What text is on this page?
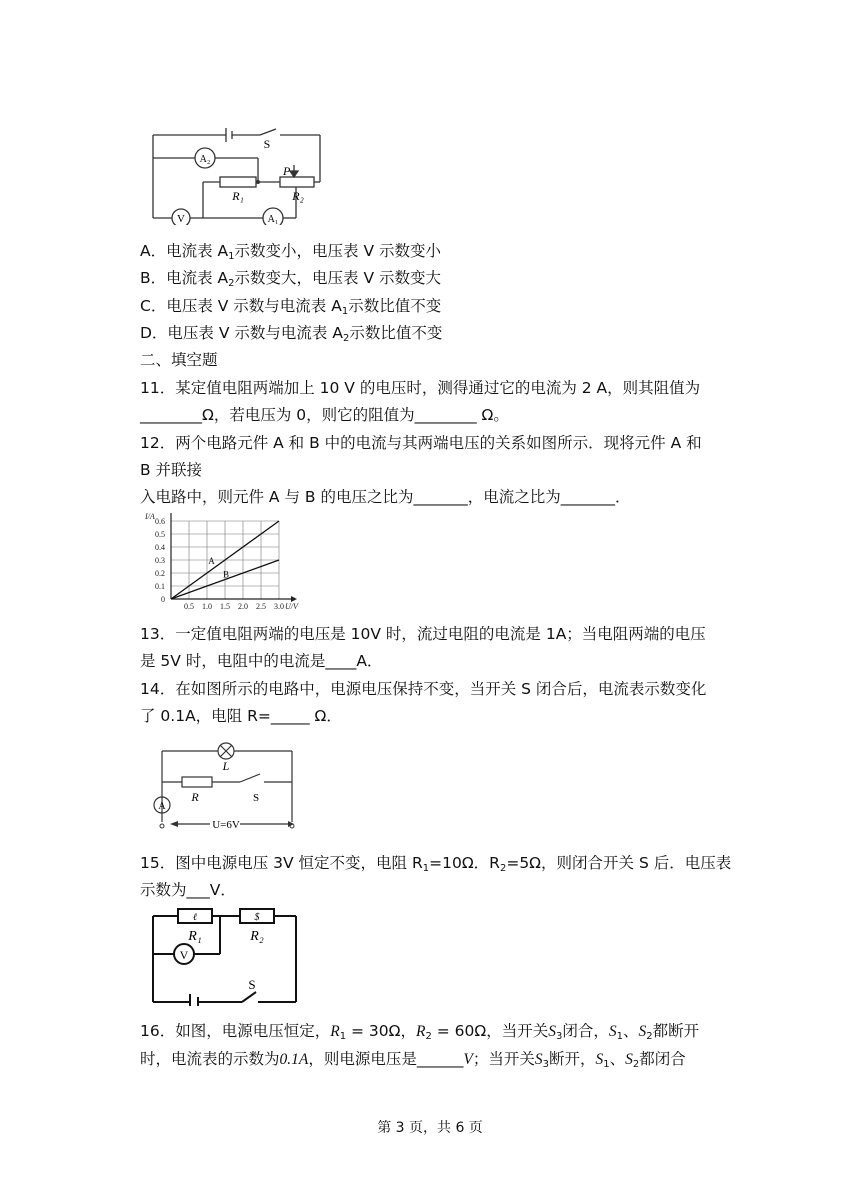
S
A₂
V	A₁
R₁	R₂
P
A．电流表 $A_1$示数变小，电压表 V 示数变小
B．电流表 $A_2$示数变大，电压表 V 示数变大
C．电压表 V 示数与电流表 $A_1$示数比值不变
D．电压表 V 示数与电流表 $A_2$示数比值不变
二、填空题
11．某定值电阻两端加上 10 V 的电压时，测得通过它的电流为 2 A，则其阻值为
________Ω，若电压为 0，则它的阻值为________ Ω。
12．两个电路元件 A 和 B 中的电流与其两端电压的关系如图所示．现将元件 A 和
B 并联接
入电路中，则元件 A 与 B 的电压之比为_______，电流之比为_______．
0.6
0.5
0.4
0.3
0.2
0.1
0
0.5 1.0 1.5 2.0 2.5 3.0
I/A
U/V
A
B
13．一定值电阻两端的电压是 10V 时，流过电阻的电流是 1A；当电阻两端的电压
是 5V 时，电阻中的电流是____A．
14．在如图所示的电路中，电源电压保持不变，当开关 S 闭合后，电流表示数变化
了 0.1A，电阻 R=_____ Ω．
L
R	S
A
U=6V
15．图中电源电压 3V 恒定不变，电阻 $R_1=10\Omega$．$R_2=5\Omega$，则闭合开关 S 后．电压表
示数为___V．
ℓ	$
R₁	R₂
V
S
16．如图，电源电压恒定，$R_1 = 30\Omega$，$R_2 = 60\Omega$，当开关$S_3$闭合，$S_1$、$S_2$都断开
时，电流表的示数为0.1A，则电源电压是______V；当开关$S_3$断开，$S_1$、$S_2$都闭合
第 3 页，共 6 页
